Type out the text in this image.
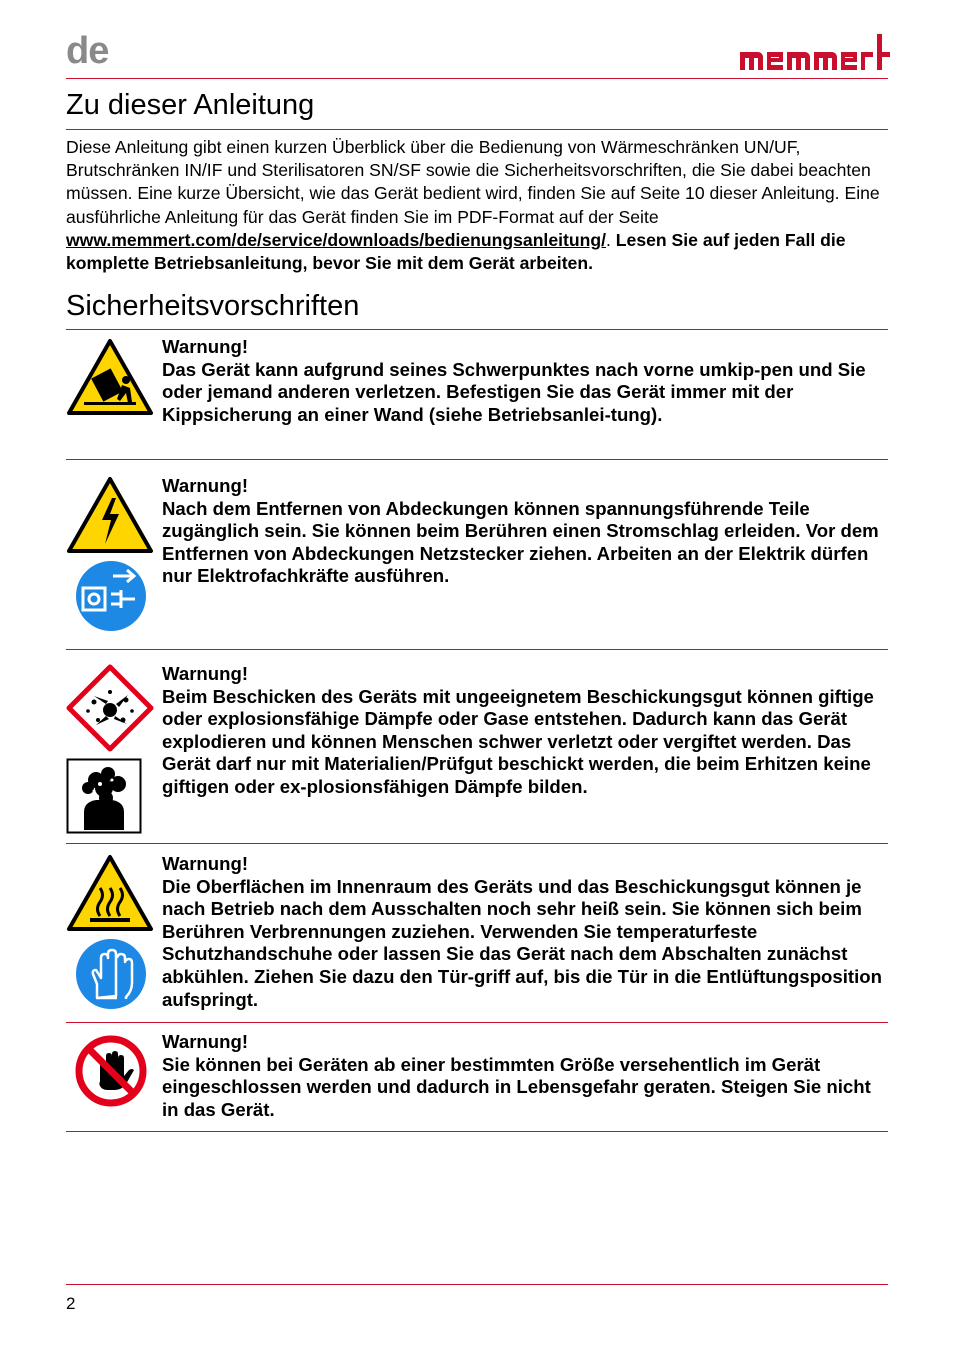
de
Zu dieser Anleitung

Diese Anleitung gibt einen kurzen Überblick über die Bedienung von Wärmeschränken UN/UF, Brutschränken IN/IF und Sterilisatoren SN/SF sowie die Sicherheitsvorschriften, die Sie dabei beachten müssen. Eine kurze Übersicht, wie das Gerät bedient wird, finden Sie auf Seite 10 dieser Anleitung. Eine ausführliche Anleitung für das Gerät finden Sie im PDF-Format auf der Seite www.memmert.com/de/service/downloads/bedienungsanleitung/. Lesen Sie auf jeden Fall die komplette Betriebsanleitung, bevor Sie mit dem Gerät arbeiten.

Sicherheitsvorschriften
Warnung!
Das Gerät kann aufgrund seines Schwerpunktes nach vorne umkip-pen und Sie oder jemand anderen verletzen. Befestigen Sie das Gerät immer mit der Kippsicherung an einer Wand (siehe Betriebsanlei-tung).
Warnung!
Nach dem Entfernen von Abdeckungen können spannungsführende Teile zugänglich sein. Sie können beim Berühren einen Stromschlag erleiden. Vor dem Entfernen von Abdeckungen Netzstecker ziehen. Arbeiten an der Elektrik dürfen nur Elektrofachkräfte ausführen.
Warnung!
Beim Beschicken des Geräts mit ungeeignetem Beschickungsgut können giftige oder explosionsfähige Dämpfe oder Gase entstehen. Dadurch kann das Gerät explodieren und können Menschen schwer verletzt oder vergiftet werden. Das Gerät darf nur mit Materialien/Prüfgut beschickt werden, die beim Erhitzen keine giftigen oder ex-plosionsfähigen Dämpfe bilden.
Warnung!
Die Oberflächen im Innenraum des Geräts und das Beschickungsgut können je nach Betrieb nach dem Ausschalten noch sehr heiß sein. Sie können sich beim Berühren Verbrennungen zuziehen. Verwenden Sie temperaturfeste Schutzhandschuhe oder lassen Sie das Gerät nach dem Abschalten zunächst abkühlen. Ziehen Sie dazu den Tür-griff auf, bis die Tür in die Entlüftungsposition aufspringt.
Warnung!
Sie können bei Geräten ab einer bestimmten Größe versehentlich im Gerät eingeschlossen werden und dadurch in Lebensgefahr geraten. Steigen Sie nicht in das Gerät.
2
